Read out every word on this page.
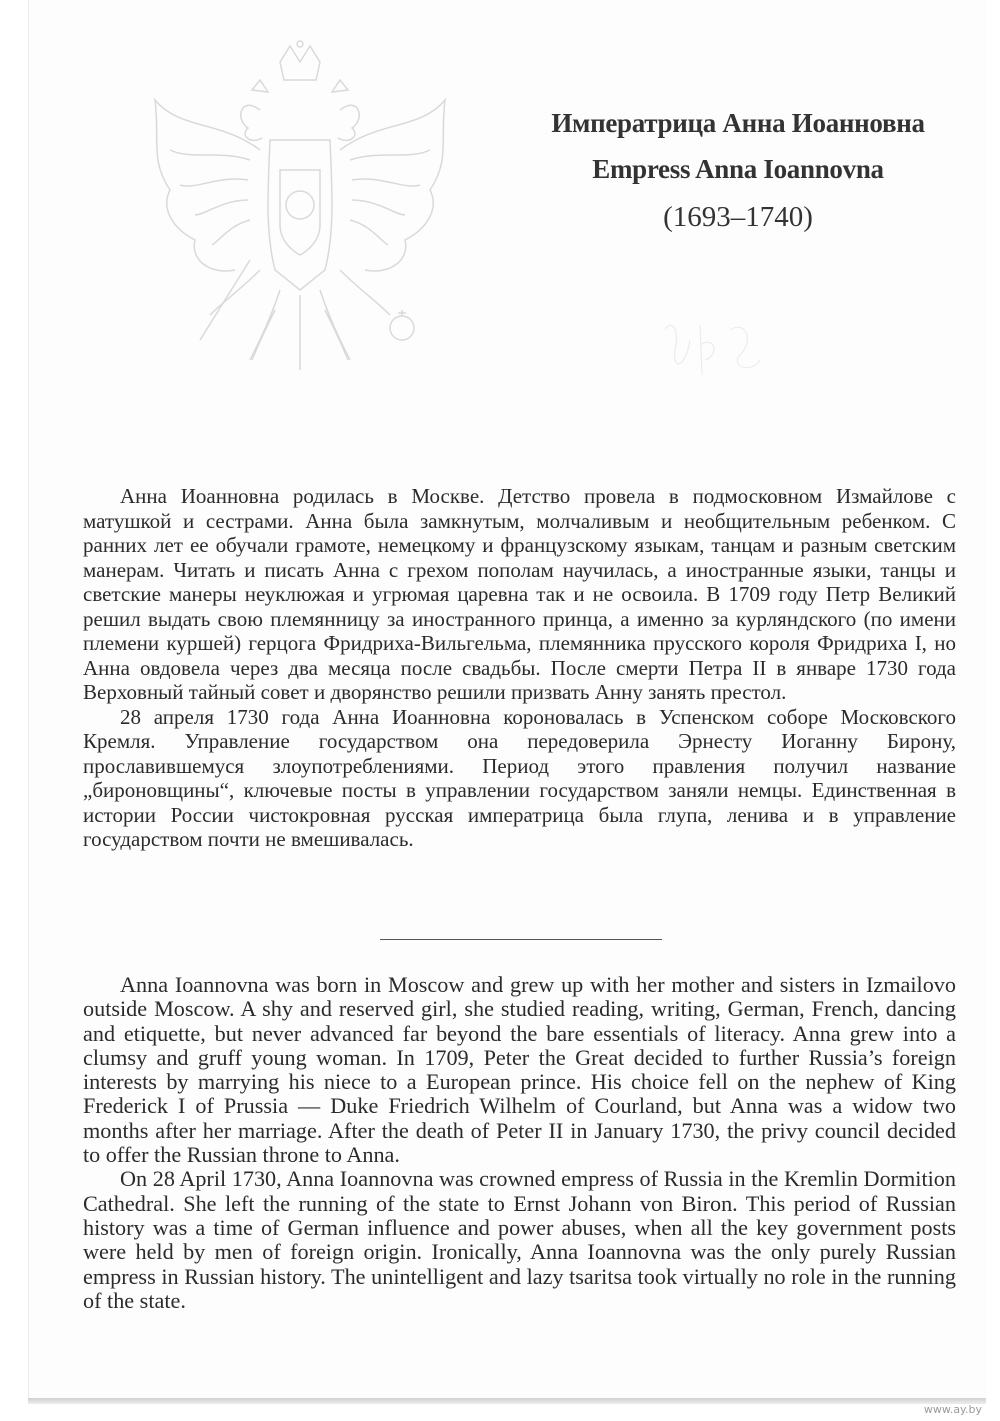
Императрица Анна Иоанновна
Empress Anna Ioannovna
(1693–1740)

Анна Иоанновна родилась в Москве. Детство провела в подмосковном Измайлове с матушкой и сестрами. Анна была замкнутым, молчаливым и необщительным ребенком. С ранних лет ее обучали грамоте, немецкому и французскому языкам, танцам и разным светским манерам. Читать и писать Анна с грехом пополам научилась, а иностранные языки, танцы и светские манеры неуклюжая и угрюмая царевна так и не освоила. В 1709 году Петр Великий решил выдать свою племянницу за иностранного принца, а именно за курляндского (по имени племени куршей) герцога Фридриха-Вильгельма, племянника прусского короля Фридриха I, но Анна овдовела через два месяца после свадьбы. После смерти Петра II в январе 1730 года Верховный тайный совет и дворянство решили призвать Анну занять престол.

28 апреля 1730 года Анна Иоанновна короновалась в Успенском соборе Московского Кремля. Управление государством она передоверила Эрнесту Иоганну Бирону, прославившемуся злоупотреблениями. Период этого правления получил название „бироновщины“, ключевые посты в управлении государством заняли немцы. Единственная в истории России чистокровная русская императрица была глупа, ленива и в управление государством почти не вмешивалась.

Anna Ioannovna was born in Moscow and grew up with her mother and sisters in Izmailovo outside Moscow. A shy and reserved girl, she studied reading, writing, German, French, dancing and etiquette, but never advanced far beyond the bare essentials of literacy. Anna grew into a clumsy and gruff young woman. In 1709, Peter the Great decided to further Russia’s foreign interests by marrying his niece to a European prince. His choice fell on the nephew of King Frederick I of Prussia — Duke Friedrich Wilhelm of Courland, but Anna was a widow two months after her marriage. After the death of Peter II in January 1730, the privy council decided to offer the Russian throne to Anna.

On 28 April 1730, Anna Ioannovna was crowned empress of Russia in the Kremlin Dormition Cathedral. She left the running of the state to Ernst Johann von Biron. This period of Russian history was a time of German influence and power abuses, when all the key government posts were held by men of foreign origin. Ironically, Anna Ioannovna was the only purely Russian empress in Russian history. The unintelligent and lazy tsaritsa took virtually no role in the running of the state.

www.ay.by
